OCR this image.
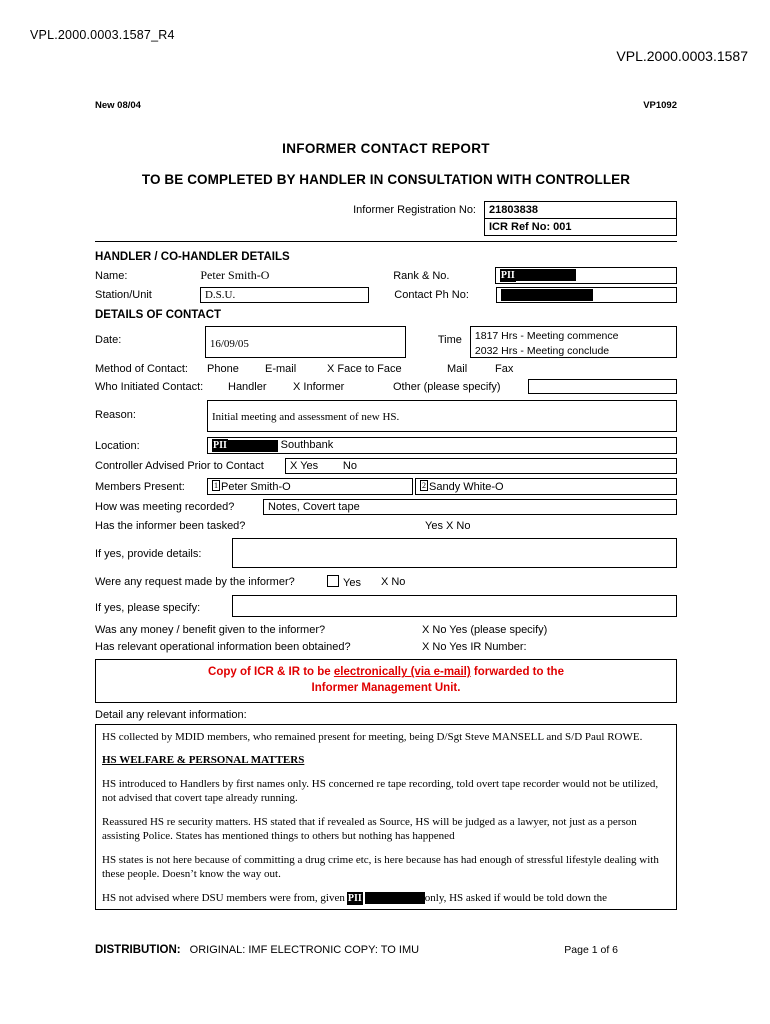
VPL.2000.0003.1587_R4
VPL.2000.0003.1587
New 08/04	VP1092
INFORMER CONTACT REPORT
TO BE COMPLETED BY HANDLER IN CONSULTATION WITH CONTROLLER
Informer Registration No:	21803838
ICR Ref No: 001
HANDLER / CO-HANDLER DETAILS
Name:	Peter Smith-O	Rank & No.	PII
Station/Unit	D.S.U.	Contact Ph No:
DETAILS OF CONTACT
Date:	16/09/05	Time	1817 Hrs - Meeting commence
2032 Hrs - Meeting conclude
Method of Contact:	Phone	E-mail	X Face to Face	Mail	Fax
Who Initiated Contact:	Handler	X Informer	Other (please specify)
Reason:	Initial meeting and assessment of new HS.
Location:	PII	Southbank
Controller Advised Prior to Contact	X Yes No
Members Present:	1 Peter Smith-O	2 Sandy White-O
How was meeting recorded?	Notes, Covert tape
Has the informer been tasked?	Yes X No
If yes, provide details:
Were any request made by the informer?	Yes	X No
If yes, please specify:
Was any money / benefit given to the informer?	X No Yes (please specify)
Has relevant operational information been obtained?	X No Yes IR Number:
Copy of ICR & IR to be electronically (via e-mail) forwarded to the
Informer Management Unit.
Detail any relevant information:

HS collected by MDID members, who remained present for meeting, being D/Sgt Steve MANSELL and S/D Paul ROWE.

HS WELFARE & PERSONAL MATTERS

HS introduced to Handlers by first names only. HS concerned re tape recording, told overt tape recorder would not be utilized, not advised that covert tape already running.

Reassured HS re security matters. HS stated that if revealed as Source, HS will be judged as a lawyer, not just as a person assisting Police. States has mentioned things to others but nothing has happened

HS states is not here because of committing a drug crime etc, is here because has had enough of stressful lifestyle dealing with these people. Doesn’t know the way out.

HS not advised where DSU members were from, given PII	only, HS asked if would be told down the

DISTRIBUTION: ORIGINAL: IMF ELECTRONIC COPY: TO IMU	Page 1 of 6
